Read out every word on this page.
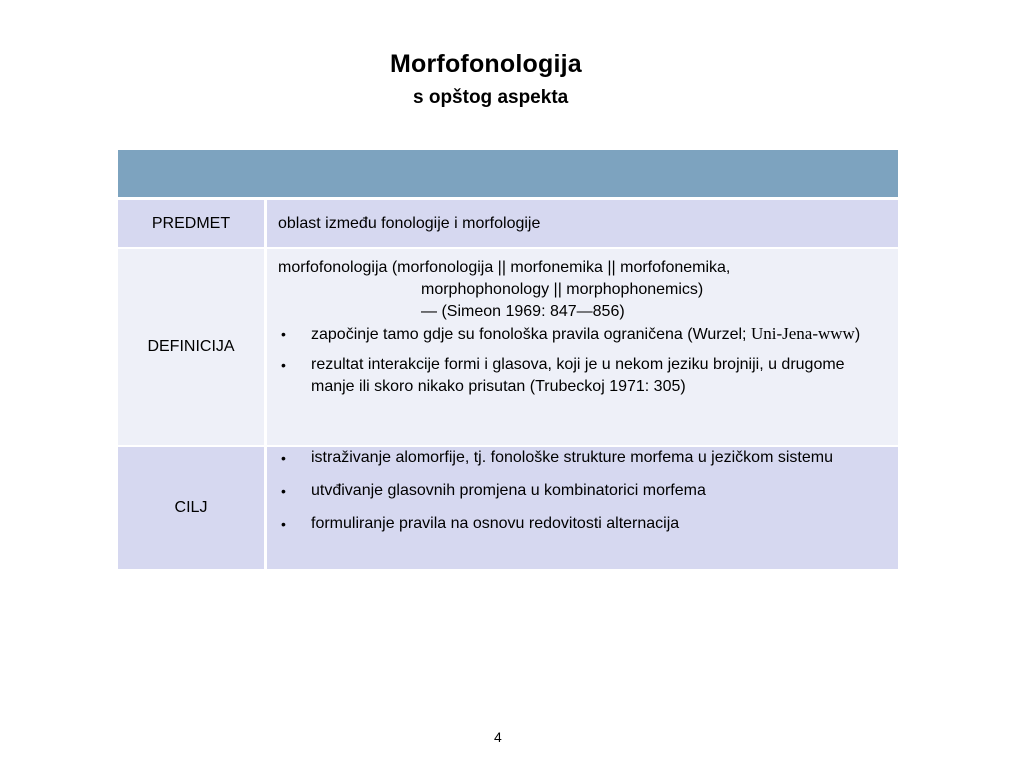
Morfofonologija
s opštog aspekta
PREDMET	oblast između fonologije i morfologije
DEFINICIJA
morfofonologija (morfonologija || morfonemika || morfofonemika,
morphophonology || morphophonemics)
— (Simeon 1969: 847—856)
• započinje tamo gdje su fonološka pravila ograničena (Wurzel; Uni-Jena-www)
• rezultat interakcije formi i glasova, koji je u nekom jeziku brojniji, u drugome manje ili skoro nikako prisutan (Trubeckoj 1971: 305)
CILJ
• istraživanje alomorfije, tj. fonološke strukture morfema u jezičkom sistemu
• utvđivanje glasovnih promjena u kombinatorici morfema
• formuliranje pravila na osnovu redovitosti alternacija
4
